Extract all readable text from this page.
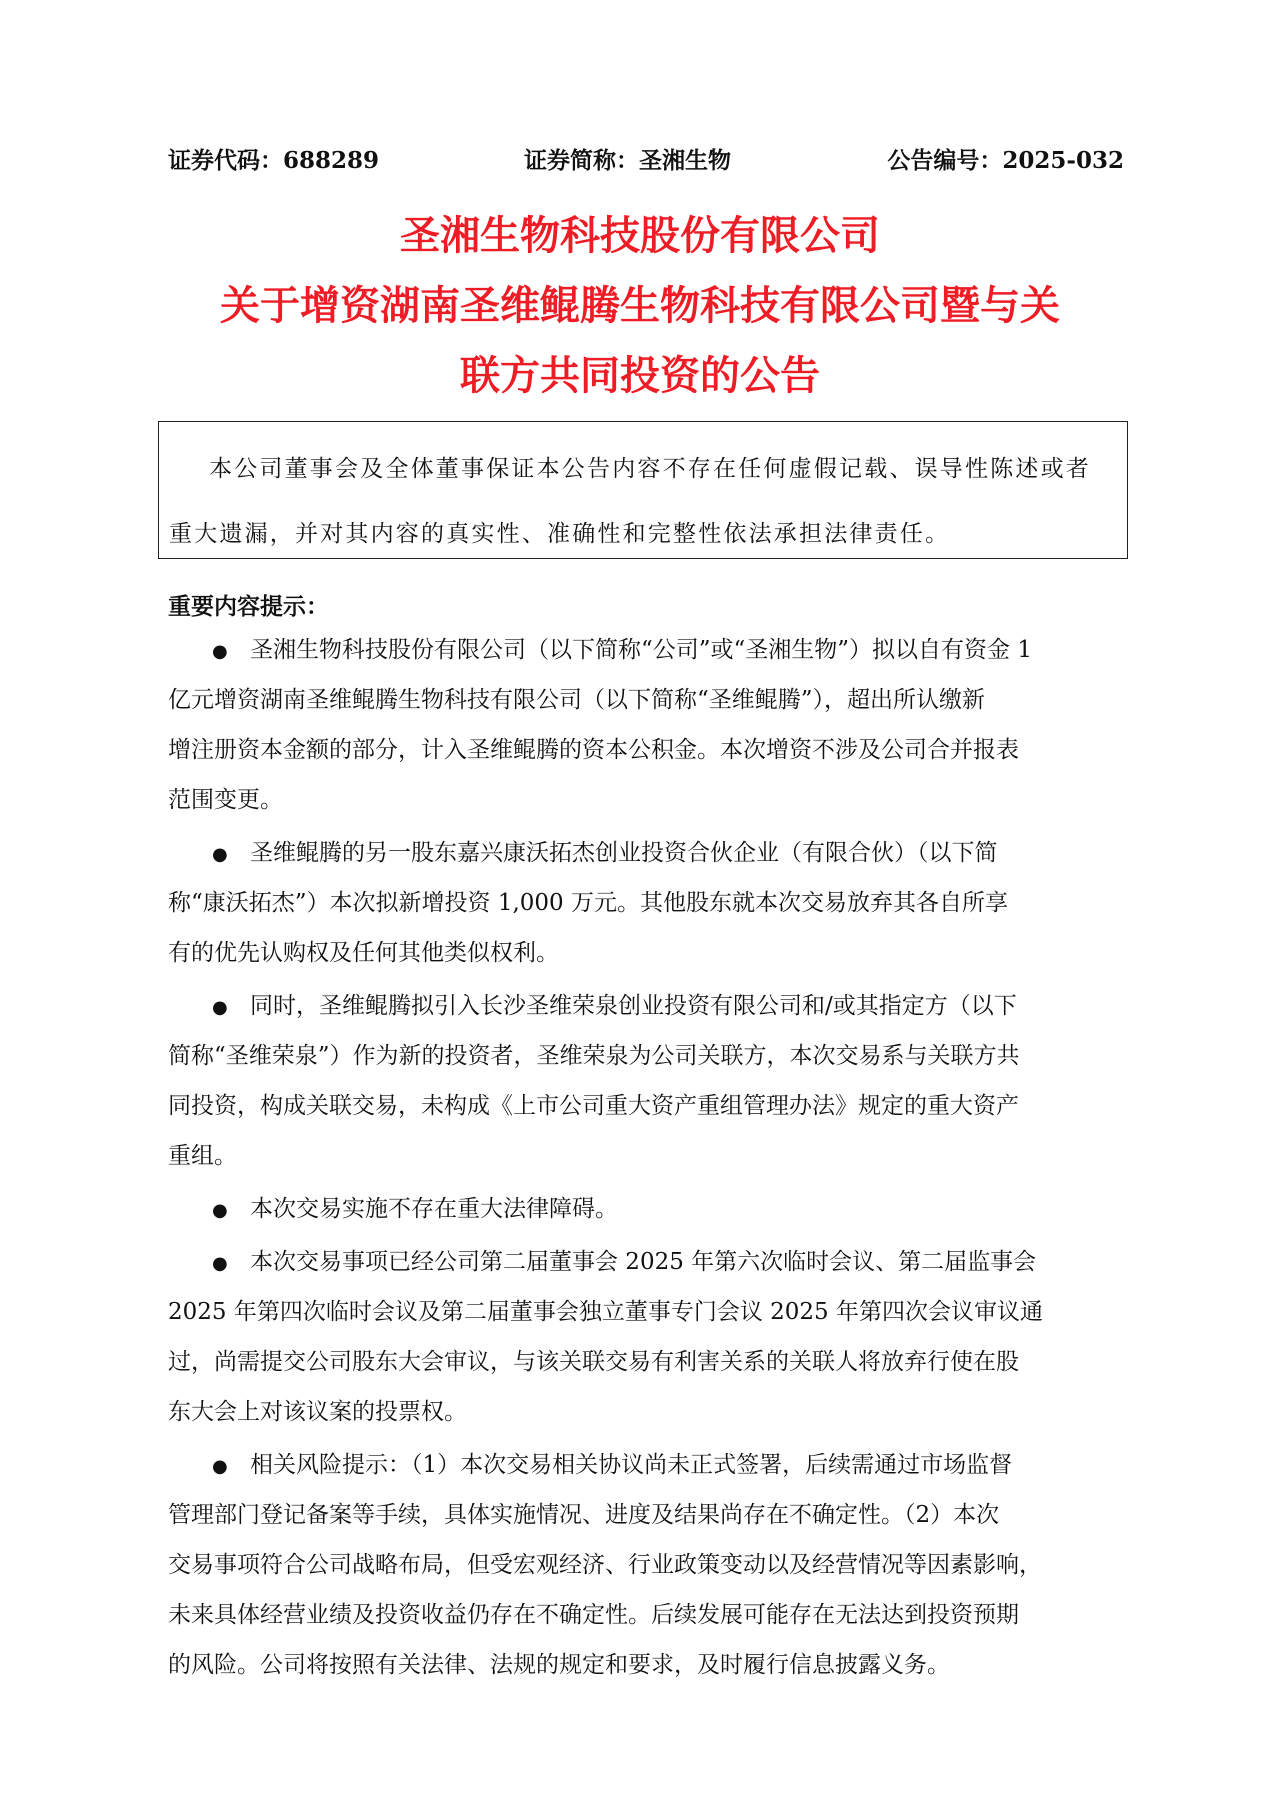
证券代码：688289	证券简称：圣湘生物	公告编号：2025-032
圣湘生物科技股份有限公司
关于增资湖南圣维鲲腾生物科技有限公司暨与关
联方共同投资的公告
本公司董事会及全体董事保证本公告内容不存在任何虚假记载、误导性陈述或者
重大遗漏，并对其内容的真实性、准确性和完整性依法承担法律责任。
重要内容提示：
● 圣湘生物科技股份有限公司（以下简称“公司”或“圣湘生物”）拟以自有资金 1
亿元增资湖南圣维鲲腾生物科技有限公司（以下简称“圣维鲲腾”），超出所认缴新
增注册资本金额的部分，计入圣维鲲腾的资本公积金。本次增资不涉及公司合并报表
范围变更。
● 圣维鲲腾的另一股东嘉兴康沃拓杰创业投资合伙企业（有限合伙）（以下简
称“康沃拓杰”）本次拟新增投资 1,000 万元。其他股东就本次交易放弃其各自所享
有的优先认购权及任何其他类似权利。
● 同时，圣维鲲腾拟引入长沙圣维荣泉创业投资有限公司和/或其指定方（以下
简称“圣维荣泉”）作为新的投资者，圣维荣泉为公司关联方，本次交易系与关联方共
同投资，构成关联交易，未构成《上市公司重大资产重组管理办法》规定的重大资产
重组。
● 本次交易实施不存在重大法律障碍。
● 本次交易事项已经公司第二届董事会 2025 年第六次临时会议、第二届监事会
2025 年第四次临时会议及第二届董事会独立董事专门会议 2025 年第四次会议审议通
过，尚需提交公司股东大会审议，与该关联交易有利害关系的关联人将放弃行使在股
东大会上对该议案的投票权。
● 相关风险提示：（1）本次交易相关协议尚未正式签署，后续需通过市场监督
管理部门登记备案等手续，具体实施情况、进度及结果尚存在不确定性。（2）本次
交易事项符合公司战略布局，但受宏观经济、行业政策变动以及经营情况等因素影响，
未来具体经营业绩及投资收益仍存在不确定性。后续发展可能存在无法达到投资预期
的风险。公司将按照有关法律、法规的规定和要求，及时履行信息披露义务。
